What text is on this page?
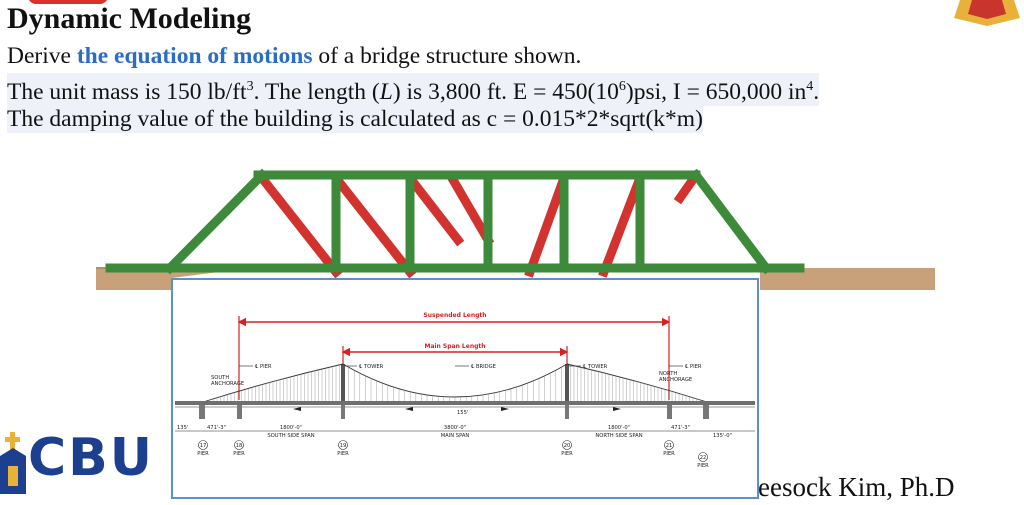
Dynamic Modeling
Derive the equation of motions of a bridge structure shown.
The unit mass is 150 $lb/ft^3$. The length (L) is 3,800 ft. $E = 450(10^6)psi$, I = 650,000 $in^4$.
The damping value of the building is calculated as c = 0.015*2*sqrt(k*m)
Suspended Length
Main Span Length
℄ PIER	℄ TOWER	℄ BRIDGE	℄ TOWER	℄ PIER
SOUTH
ANCHORAGE
NORTH
ANCHORAGE
155'
135'	471'-3"	1800'-0"
SOUTH SIDE SPAN
3800'-0"
MAIN SPAN
1800'-0"
NORTH SIDE SPAN
471'-3"
135'-0"
17	18	19	20	21
22
PIER	PIER	PIER	PIER	PIER
PIER
CBU	eesock Kim, Ph.D
